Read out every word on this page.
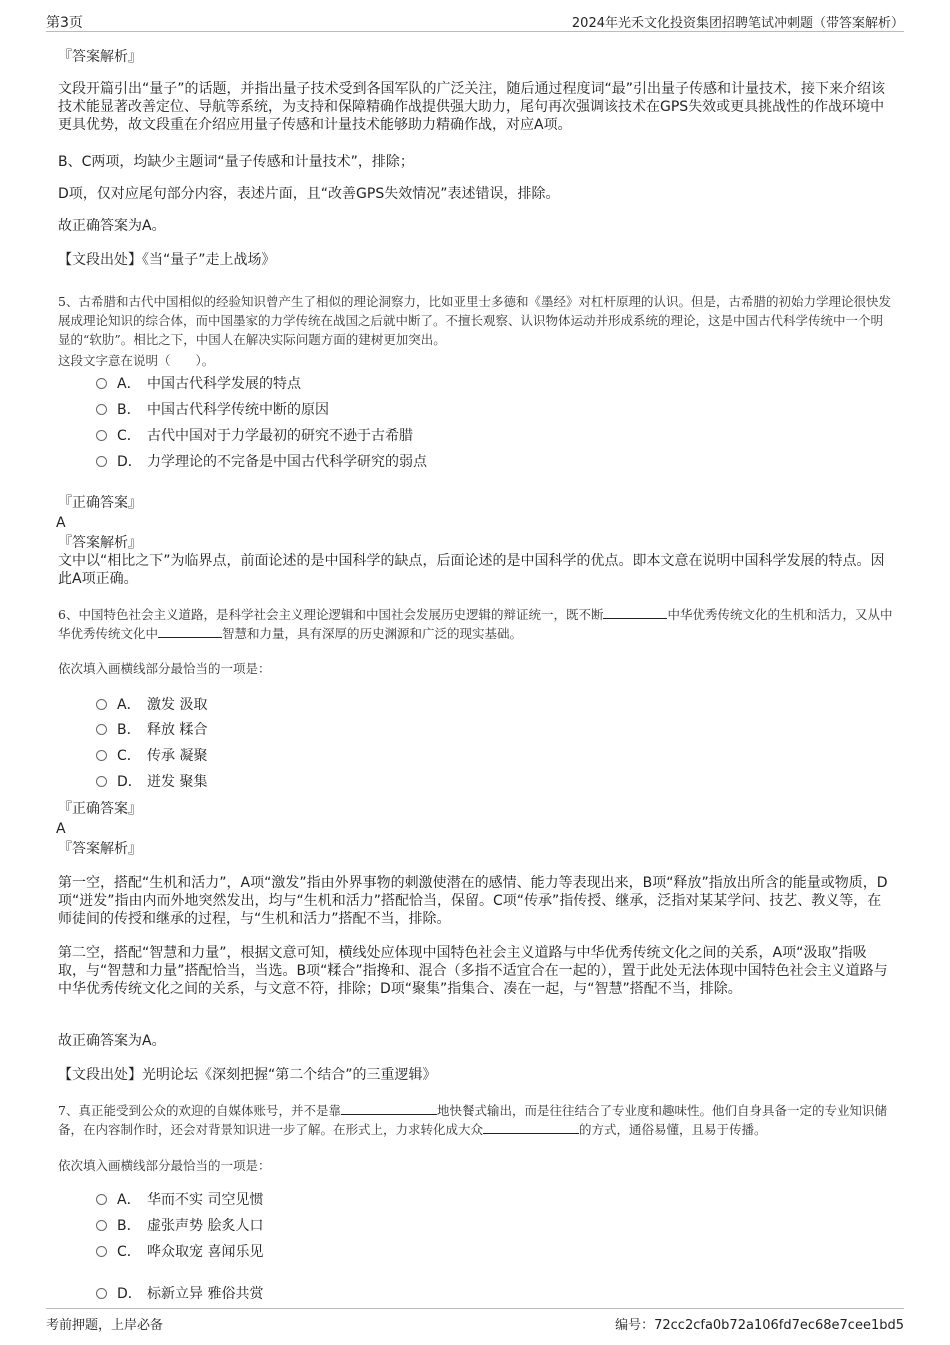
第3页	2024年光禾文化投资集团招聘笔试冲刺题（带答案解析）
『答案解析』
文段开篇引出“量子”的话题，并指出量子技术受到各国军队的广泛关注，随后通过程度词“最”引出量子传感和计量技术，接下来介绍该技术能显著改善定位、导航等系统，为支持和保障精确作战提供强大助力，尾句再次强调该技术在GPS失效或更具挑战性的作战环境中更具优势，故文段重在介绍应用量子传感和计量技术能够助力精确作战，对应A项。
B、C两项，均缺少主题词“量子传感和计量技术”，排除；
D项，仅对应尾句部分内容，表述片面，且“改善GPS失效情况”表述错误，排除。
故正确答案为A。
【文段出处】《当“量子”走上战场》
5、古希腊和古代中国相似的经验知识曾产生了相似的理论洞察力，比如亚里士多德和《墨经》对杠杆原理的认识。但是，古希腊的初始力学理论很快发展成理论知识的综合体，而中国墨家的力学传统在战国之后就中断了。不擅长观察、认识物体运动并形成系统的理论，这是中国古代科学传统中一个明显的“软肋”。相比之下，中国人在解决实际问题方面的建树更加突出。
这段文字意在说明（　　）。
A． 中国古代科学发展的特点
B． 中国古代科学传统中断的原因
C． 古代中国对于力学最初的研究不逊于古希腊
D． 力学理论的不完备是中国古代科学研究的弱点
『正确答案』
A
『答案解析』
文中以“相比之下”为临界点，前面论述的是中国科学的缺点，后面论述的是中国科学的优点。即本文意在说明中国科学发展的特点。因此A项正确。
6、中国特色社会主义道路，是科学社会主义理论逻辑和中国社会发展历史逻辑的辩证统一，既不断	中华优秀传统文化的生机和活力，又从中华优秀传统文化中	智慧和力量，具有深厚的历史渊源和广泛的现实基础。
依次填入画横线部分最恰当的一项是：
A． 激发 汲取
B． 释放 糅合
C． 传承 凝聚
D． 迸发 聚集
『正确答案』
A
『答案解析』
第一空，搭配“生机和活力”，A项“激发”指由外界事物的刺激使潜在的感情、能力等表现出来，B项“释放”指放出所含的能量或物质，D项“迸发”指由内而外地突然发出，均与“生机和活力”搭配恰当，保留。C项“传承”指传授、继承，泛指对某某学问、技艺、教义等，在师徒间的传授和继承的过程，与“生机和活力”搭配不当，排除。
第二空，搭配“智慧和力量”，根据文意可知，横线处应体现中国特色社会主义道路与中华优秀传统文化之间的关系，A项“汲取”指吸取，与“智慧和力量”搭配恰当，当选。B项“糅合”指搀和、混合（多指不适宜合在一起的），置于此处无法体现中国特色社会主义道路与中华优秀传统文化之间的关系，与文意不符，排除；D项“聚集”指集合、凑在一起，与“智慧”搭配不当，排除。
故正确答案为A。
【文段出处】光明论坛《深刻把握“第二个结合”的三重逻辑》
7、真正能受到公众的欢迎的自媒体账号，并不是靠	地快餐式输出，而是往往结合了专业度和趣味性。他们自身具备一定的专业知识储备，在内容制作时，还会对背景知识进一步了解。在形式上，力求转化成大众	的方式，通俗易懂，且易于传播。
依次填入画横线部分最恰当的一项是：
A． 华而不实 司空见惯
B． 虚张声势 脍炙人口
C． 哗众取宠 喜闻乐见
D． 标新立异 雅俗共赏
考前押题，上岸必备	编号：72cc2cfa0b72a106fd7ec68e7cee1bd5
